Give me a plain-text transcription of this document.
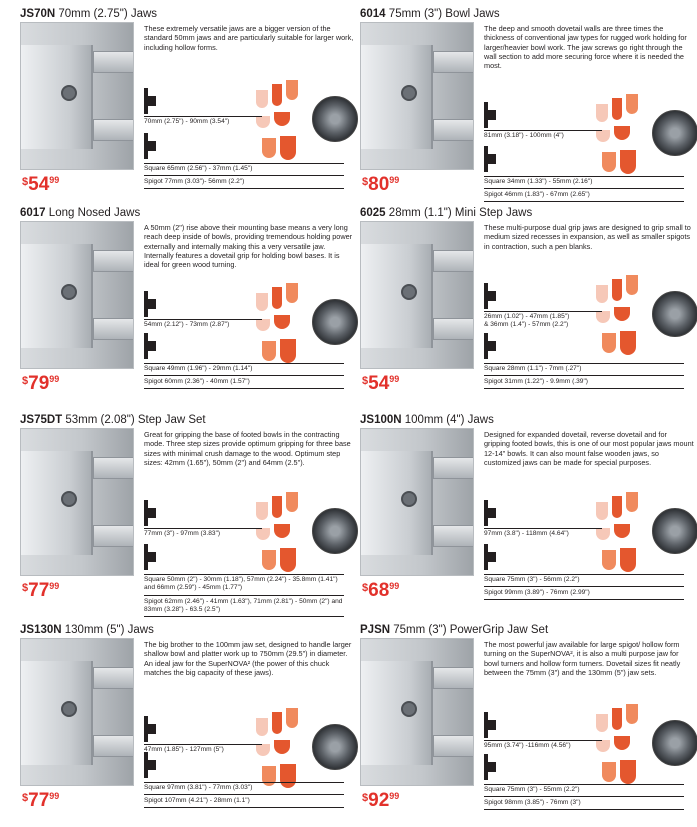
JS70N 70mm (2.75") Jaws
These extremely versatile jaws are a bigger version of the standard 50mm jaws and are particularly suitable for larger work, including hollow forms.
70mm (2.75") - 90mm (3.54")
Square 65mm (2.56") - 37mm (1.45")
Spigot 77mm (3.03")- 56mm (2.2")
$^{\$}54^{99}$
6014 75mm (3") Bowl Jaws
The deep and smooth dovetail walls are three times the thickness of conventional jaw types for rugged work holding for larger/heavier bowl work. The jaw screws go right through the wall section to add more securing force where it is needed the most.
81mm (3.18") - 100mm (4")
Square 34mm (1.33") - 55mm (2.16")
Spigot 46mm (1.83") - 67mm (2.65")
$^{\$}80^{99}$
6017 Long Nosed Jaws
A 50mm (2") rise above their mounting base means a very long reach deep inside of bowls, providing tremendous holding power externally and internally making this a very versatile jaw. Internally features a dovetail grip for holding bowl bases. It is ideal for green wood turning.
54mm (2.12") - 73mm (2.87")
Square 49mm (1.96") - 29mm (1.14")
Spigot 60mm (2.36") - 40mm (1.57")
$^{\$}79^{99}$
6025 28mm (1.1") Mini Step Jaws
These multi-purpose dual grip jaws are designed to grip small to medium sized recesses in expansion, as well as smaller spigots in contraction, such a pen blanks.
26mm (1.02") - 47mm (1.85")
& 36mm (1.4") - 57mm (2.2")
Square 28mm (1.1") - 7mm (.27")
Spigot 31mm (1.22") - 9.9mm (.39")
$^{\$}54^{99}$
JS75DT 53mm (2.08") Step Jaw Set
Great for gripping the base of footed bowls in the contracting mode. Three step sizes provide optimum gripping for three base sizes with minimal crush damage to the wood. Optimum step sizes: 42mm (1.65"), 50mm (2") and 64mm (2.5").
77mm (3") - 97mm (3.83")
Square 50mm (2") - 30mm (1.18"), 57mm (2.24") - 35.8mm (1.41") and 66mm (2.59") - 45mm (1.77")
Spigot 62mm (2.46") - 41mm (1.63"), 71mm (2.81") - 50mm (2") and 83mm (3.28") - 63.5 (2.5")
$^{\$}77^{99}$
JS100N 100mm (4") Jaws
Designed for expanded dovetail, reverse dovetail and for gripping footed bowls, this is one of our most popular jaws mount 12-14" bowls. It can also mount false wooden jaws, so customized jaws can be made for special purposes.
97mm (3.8") - 118mm (4.64")
Square 75mm (3") - 56mm (2.2")
Spigot 99mm (3.89") - 76mm (2.99")
$^{\$}68^{99}$
JS130N 130mm (5") Jaws
The big brother to the 100mm jaw set, designed to handle larger shallow bowl and platter work up to 750mm (29.5") in diameter. An ideal jaw for the SuperNOVA² (the power of this chuck matches the big capacity of these jaws).
47mm (1.85") - 127mm (5")
Square 97mm (3.81") - 77mm (3.03")
Spigot 107mm (4.21") - 28mm (1.1")
$^{\$}77^{99}$
PJSN 75mm (3") PowerGrip Jaw Set
The most powerful jaw available for large spigot/ hollow form turning on the SuperNOVA², it is also a multi purpose jaw for bowl turners and hollow form turners. Dovetail sizes fit neatly between the 75mm (3") and the 130mm (5") jaw sets.
95mm (3.74") -116mm (4.56")
Square 75mm (3") - 55mm (2.2")
Spigot 98mm (3.85") - 76mm (3")
$^{\$}92^{99}$
